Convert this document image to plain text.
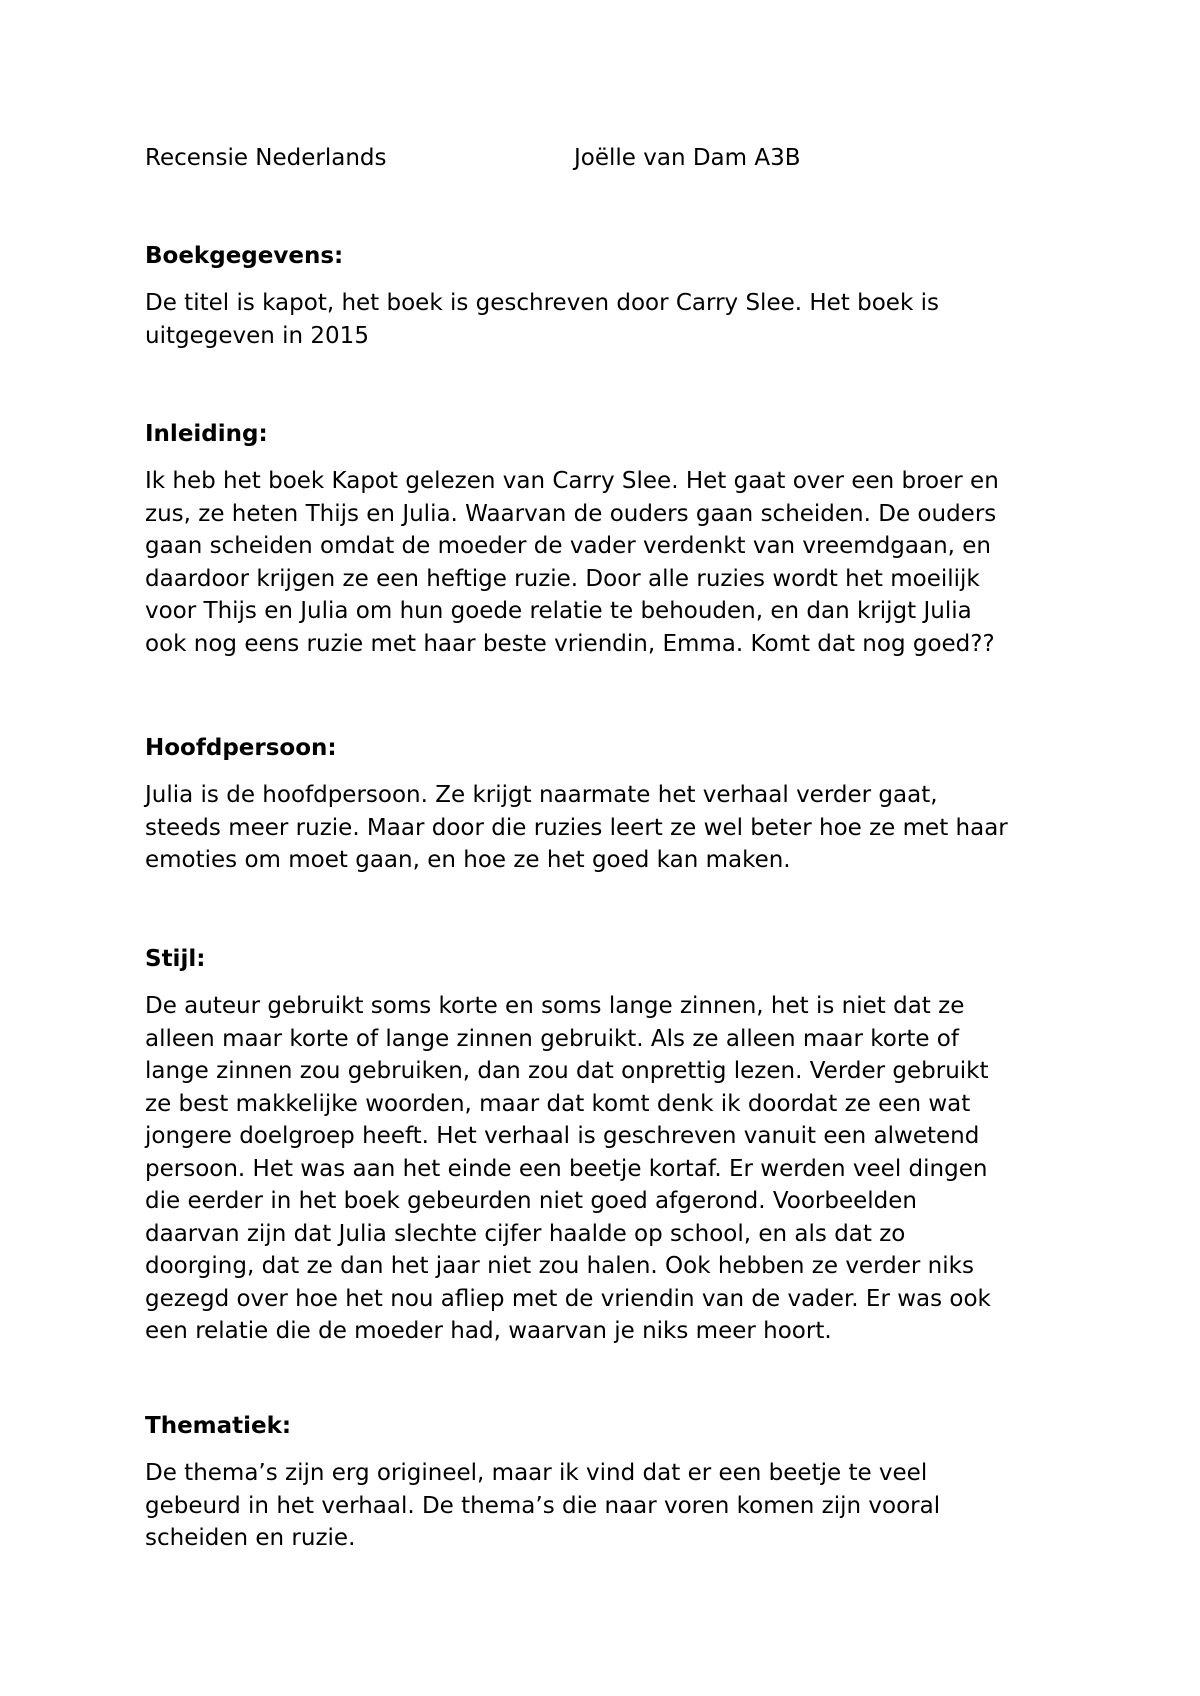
Recensie Nederlands	Joëlle van Dam A3B
Boekgegevens:

De titel is kapot, het boek is geschreven door Carry Slee. Het boek is
uitgegeven in 2015

Inleiding:

Ik heb het boek Kapot gelezen van Carry Slee. Het gaat over een broer en
zus, ze heten Thijs en Julia. Waarvan de ouders gaan scheiden. De ouders
gaan scheiden omdat de moeder de vader verdenkt van vreemdgaan, en
daardoor krijgen ze een heftige ruzie. Door alle ruzies wordt het moeilijk
voor Thijs en Julia om hun goede relatie te behouden, en dan krijgt Julia
ook nog eens ruzie met haar beste vriendin, Emma. Komt dat nog goed??

Hoofdpersoon:

Julia is de hoofdpersoon. Ze krijgt naarmate het verhaal verder gaat,
steeds meer ruzie. Maar door die ruzies leert ze wel beter hoe ze met haar
emoties om moet gaan, en hoe ze het goed kan maken.

Stijl:

De auteur gebruikt soms korte en soms lange zinnen, het is niet dat ze
alleen maar korte of lange zinnen gebruikt. Als ze alleen maar korte of
lange zinnen zou gebruiken, dan zou dat onprettig lezen. Verder gebruikt
ze best makkelijke woorden, maar dat komt denk ik doordat ze een wat
jongere doelgroep heeft. Het verhaal is geschreven vanuit een alwetend
persoon. Het was aan het einde een beetje kortaf. Er werden veel dingen
die eerder in het boek gebeurden niet goed afgerond. Voorbeelden
daarvan zijn dat Julia slechte cijfer haalde op school, en als dat zo
doorging, dat ze dan het jaar niet zou halen. Ook hebben ze verder niks
gezegd over hoe het nou afliep met de vriendin van de vader. Er was ook
een relatie die de moeder had, waarvan je niks meer hoort.

Thematiek:

De thema’s zijn erg origineel, maar ik vind dat er een beetje te veel
gebeurd in het verhaal. De thema’s die naar voren komen zijn vooral
scheiden en ruzie.
